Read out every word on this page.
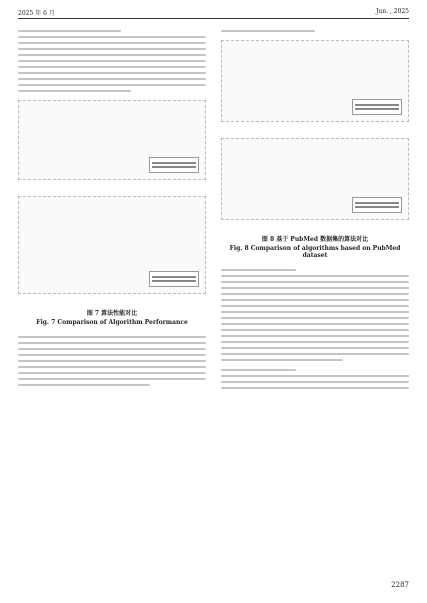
2025 年 6 月	Jun. , 2025

图 7 算法性能对比
Fig. 7 Comparison of Algorithm Performance

图 8 基于 PubMed 数据集的算法对比
Fig. 8 Comparison of algorithms based on PubMed dataset
2287
